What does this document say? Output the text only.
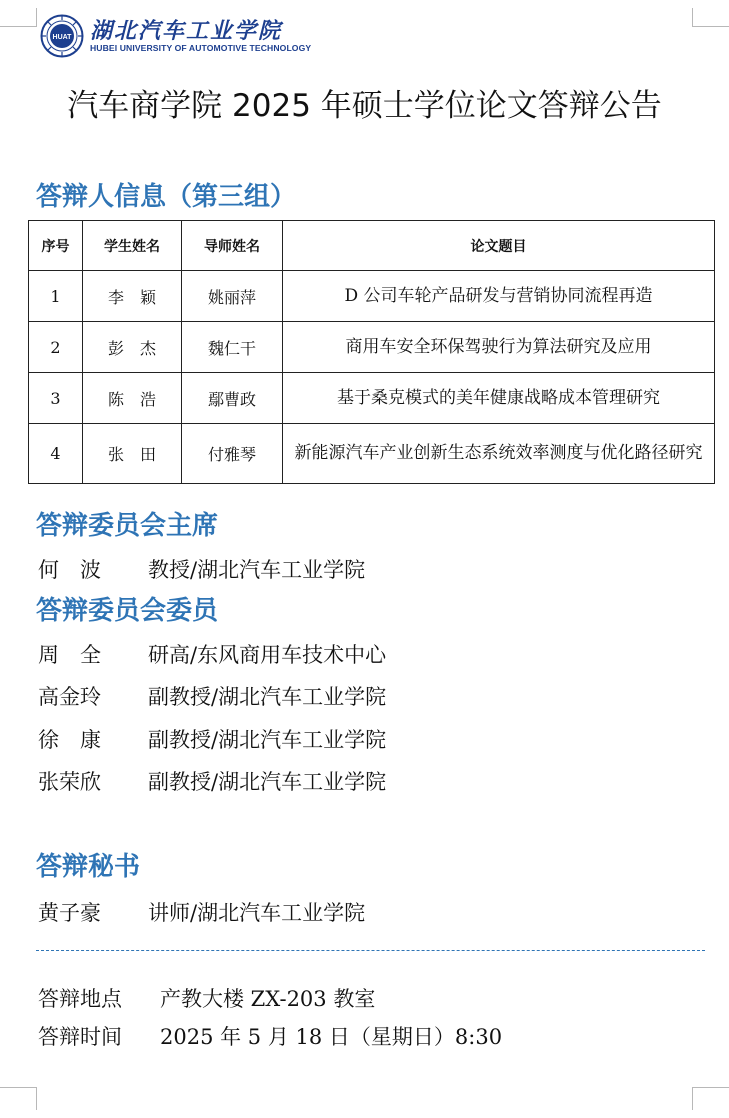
HUAT 湖北汽车工业学院
HUBEI UNIVERSITY OF AUTOMOTIVE TECHNOLOGY
汽车商学院 2025 年硕士学位论文答辩公告
答辩人信息（第三组）
序号	学生姓名	导师姓名	论文题目
1	李　颖	姚丽萍	D 公司车轮产品研发与营销协同流程再造
2	彭　杰	魏仁干	商用车安全环保驾驶行为算法研究及应用
3	陈　浩	鄢曹政	基于桑克模式的美年健康战略成本管理研究
4	张　田	付雅琴	新能源汽车产业创新生态系统效率测度与优化路径研究
答辩委员会主席
何　波 教授/湖北汽车工业学院
答辩委员会委员
周　全 研高/东风商用车技术中心
高金玲 副教授/湖北汽车工业学院
徐　康 副教授/湖北汽车工业学院
张荣欣 副教授/湖北汽车工业学院
答辩秘书
黄子豪 讲师/湖北汽车工业学院
答辩地点 产教大楼 ZX-203 教室
答辩时间 2025 年 5 月 18 日（星期日）8:30
